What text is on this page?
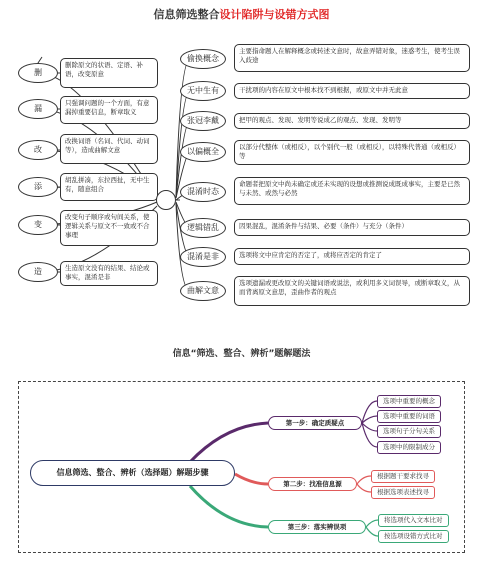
信息筛选整合设计陷阱与设错方式图
删
删除原文的状语、定语、补语，改变原意
漏
只强调问题的一个方面，有意漏掉重要信息，断章取义
改
改换词语（名词、代词、动词等），造成曲解文意
添
胡乱拼凑，东拉西扯，无中生有，随意组合
变
改变句子顺序或句间关系，使逻辑关系与原文不一致或不合事理
造	生造原文没有的结果、结论或事实，混淆是非
偷换概念
主要指命题人在解释概念或转述文意时，故意弄错对象，迷惑考生，使考生误入歧途
无中生有	干扰项的内容在原文中根本找不到根据，或原文中并无此意
张冠李戴	把甲的观点、发现、发明等说成乙的观点、发现、发明等
以偏概全	以部分代整体（或相反），以个别代一般（或相反），以特殊代普通（或相反）等
混淆时态
命题者把原文中尚未确定或还未实现的设想或推测说成既成事实，主要是已然与未然、或然与必然
逻辑错乱	因果混乱，混淆条件与结果、必要（条件）与充分（条件）
混淆是非	选项将文中应肯定的否定了，或将应否定的肯定了
曲解文意
选项遗漏或更改原文的关键词语或说法，或利用多义词误导，或断章取义，从而背离原文意思，歪曲作者的观点
信息“筛选、整合、辨析”题解题法
信息筛选、整合、辨析（选择题）解题步骤
第一步：确定质疑点
第二步：找准信息源
第三步：落实辨误项
选项中重要的概念
选项中重要的词语
选项句子分句关系
选项中的限制成分
根据题干要求找寻
根据选项表述找寻
将选项代入文本比对
按选项设错方式比对
